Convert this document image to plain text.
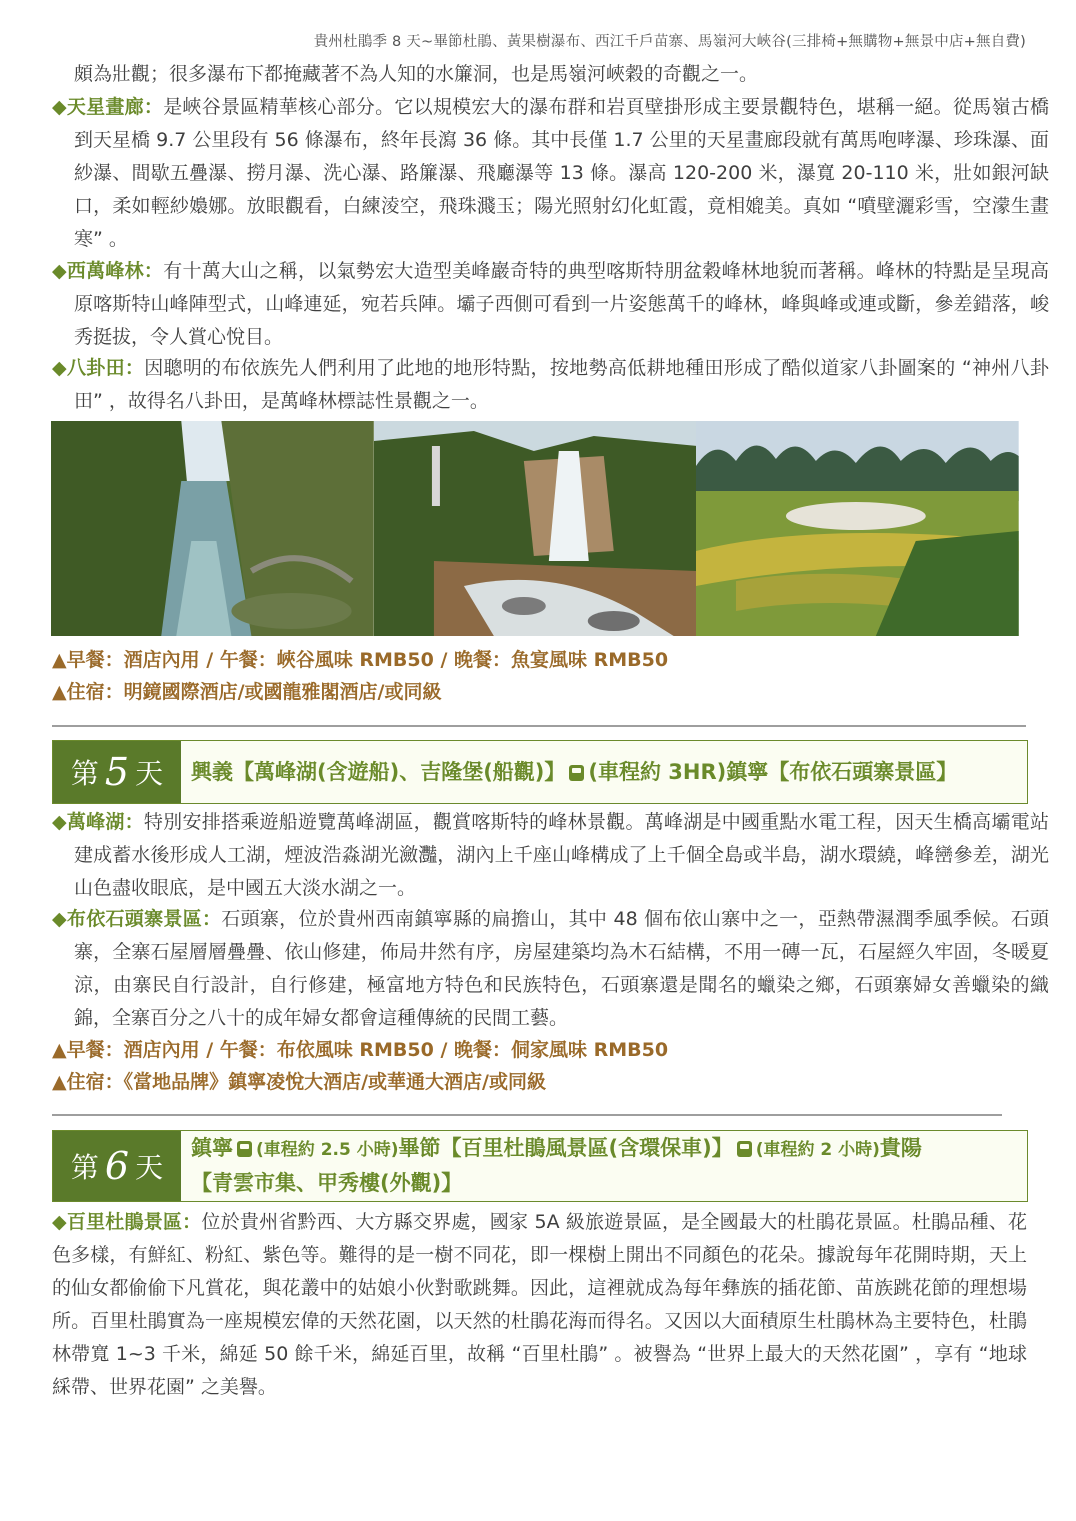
貴州杜鵑季 8 天~畢節杜鵑、黃果樹瀑布、西江千戶苗寨、馬嶺河大峽谷(三排椅+無購物+無景中店+無自費)
頗為壯觀；很多瀑布下都掩藏著不為人知的水簾洞，也是馬嶺河峽穀的奇觀之一。
◆天星畫廊：是峽谷景區精華核心部分。它以規模宏大的瀑布群和岩頁壁掛形成主要景觀特色，堪稱一絕。從馬嶺古橋到天星橋 9.7 公里段有 56 條瀑布，終年長瀉 36 條。其中長僅 1.7 公里的天星畫廊段就有萬馬咆哮瀑、珍珠瀑、面紗瀑、間歇五疊瀑、撈月瀑、洗心瀑、路簾瀑、飛廳瀑等 13 條。瀑高 120-200 米，瀑寬 20-110 米，壯如銀河缺口，柔如輕紗嬝娜。放眼觀看，白練淩空，飛珠濺玉；陽光照射幻化虹霞，竟相媲美。真如 “噴壁灑彩雪，空濛生畫寒” 。
◆西萬峰林：有十萬大山之稱，以氣勢宏大造型美峰巖奇特的典型喀斯特朋盆穀峰林地貌而著稱。峰林的特點是呈現高原喀斯特山峰陣型式，山峰連延，宛若兵陣。壩子西側可看到一片姿態萬千的峰林，峰與峰或連或斷，參差錯落，峻秀挺拔，令人賞心悅目。
◆八卦田：因聰明的布依族先人們利用了此地的地形特點，按地勢高低耕地種田形成了酷似道家八卦圖案的 “神州八卦田” ，故得名八卦田，是萬峰林標誌性景觀之一。
▲早餐：酒店內用 / 午餐：峽谷風味 RMB50 / 晚餐：魚宴風味 RMB50
▲住宿：明鏡國際酒店/或國龍雅閣酒店/或同級
第 5 天 興義【萬峰湖(含遊船)、吉隆堡(船觀)】 (車程約 3HR)鎮寧【布依石頭寨景區】
◆萬峰湖：特別安排搭乘遊船遊覽萬峰湖區，觀賞喀斯特的峰林景觀。萬峰湖是中國重點水電工程，因天生橋高壩電站建成蓄水後形成人工湖，煙波浩淼湖光瀲灩，湖內上千座山峰構成了上千個全島或半島，湖水環繞，峰巒參差，湖光山色盡收眼底，是中國五大淡水湖之一。
◆布依石頭寨景區：石頭寨，位於貴州西南鎮寧縣的扁擔山，其中 48 個布依山寨中之一，亞熱帶濕潤季風季候。石頭寨，全寨石屋層層疊疊、依山修建，佈局井然有序，房屋建築均為木石結構，不用一磚一瓦，石屋經久牢固，冬暖夏涼，由寨民自行設計，自行修建，極富地方特色和民族特色，石頭寨還是聞名的蠟染之鄉，石頭寨婦女善蠟染的織錦，全寨百分之八十的成年婦女都會這種傳統的民間工藝。
▲早餐：酒店內用 / 午餐：布依風味 RMB50 / 晚餐：侗家風味 RMB50
▲住宿：《當地品牌》鎮寧凌悅大酒店/或華通大酒店/或同級
第 6 天
鎮寧 (車程約 2.5 小時)畢節【百里杜鵑風景區(含環保車)】 (車程約 2 小時)貴陽
【青雲市集、甲秀樓(外觀)】
◆百里杜鵑景區：位於貴州省黔西、大方縣交界處，國家 5A 級旅遊景區，是全國最大的杜鵑花景區。杜鵑品種、花色多樣，有鮮紅、粉紅、紫色等。難得的是一樹不同花，即一棵樹上開出不同顏色的花朵。據說每年花開時期，天上的仙女都偷偷下凡賞花，與花叢中的姑娘小伙對歌跳舞。因此，這裡就成為每年彝族的插花節、苗族跳花節的理想場所。百里杜鵑實為一座規模宏偉的天然花園，以天然的杜鵑花海而得名。又因以大面積原生杜鵑林為主要特色，杜鵑林帶寬 1~3 千米，綿延 50 餘千米，綿延百里，故稱 “百里杜鵑” 。被譽為 “世界上最大的天然花園” ，享有 “地球綵帶、世界花園” 之美譽。
